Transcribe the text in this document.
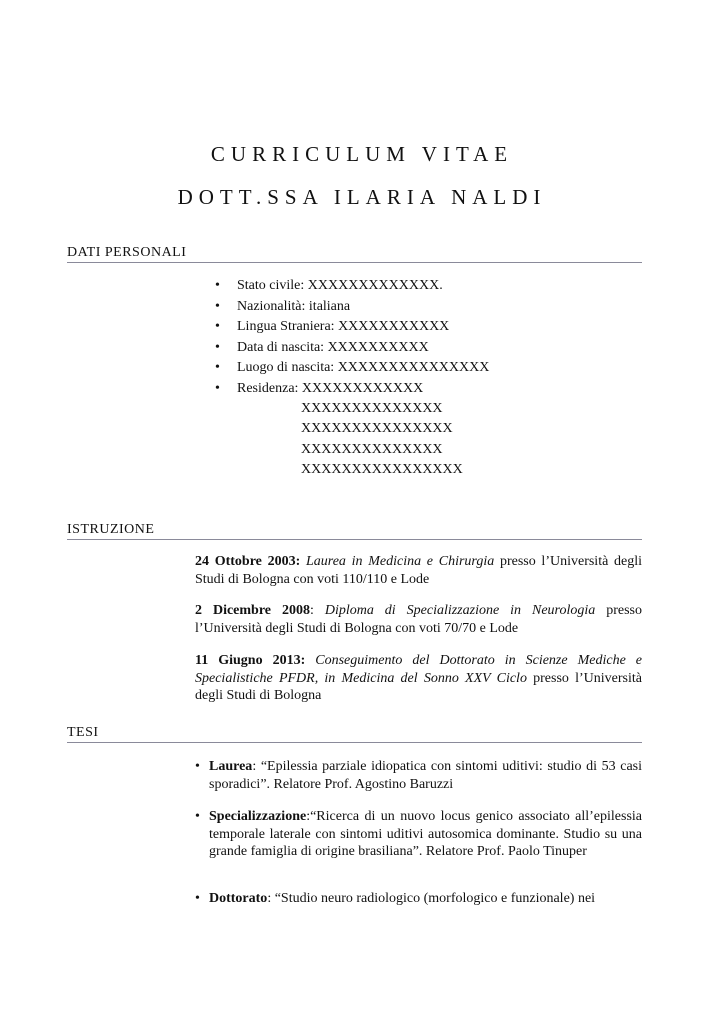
CURRICULUM VITAE
DOTT.SSA ILARIA NALDI
DATI PERSONALI
• Stato civile: XXXXXXXXXXXXX.
• Nazionalità: italiana
• Lingua Straniera: XXXXXXXXXXX
• Data di nascita: XXXXXXXXXX
• Luogo di nascita: XXXXXXXXXXXXXXX
• Residenza: XXXXXXXXXXXX
XXXXXXXXXXXXXX
XXXXXXXXXXXXXXX
XXXXXXXXXXXXXX
XXXXXXXXXXXXXXXX
ISTRUZIONE
24 Ottobre 2003: Laurea in Medicina e Chirurgia presso l’Università degli Studi di Bologna con voti 110/110 e Lode
2 Dicembre 2008: Diploma di Specializzazione in Neurologia presso l’Università degli Studi di Bologna con voti 70/70 e Lode
11 Giugno 2013: Conseguimento del Dottorato in Scienze Mediche e Specialistiche PFDR, in Medicina del Sonno XXV Ciclo presso l’Università degli Studi di Bologna
TESI
• Laurea: “Epilessia parziale idiopatica con sintomi uditivi: studio di 53 casi sporadici”. Relatore Prof. Agostino Baruzzi
• Specializzazione:“Ricerca di un nuovo locus genico associato all’epilessia temporale laterale con sintomi uditivi autosomica dominante. Studio su una grande famiglia di origine brasiliana”. Relatore Prof. Paolo Tinuper
• Dottorato: “Studio neuro radiologico (morfologico e funzionale) nei
